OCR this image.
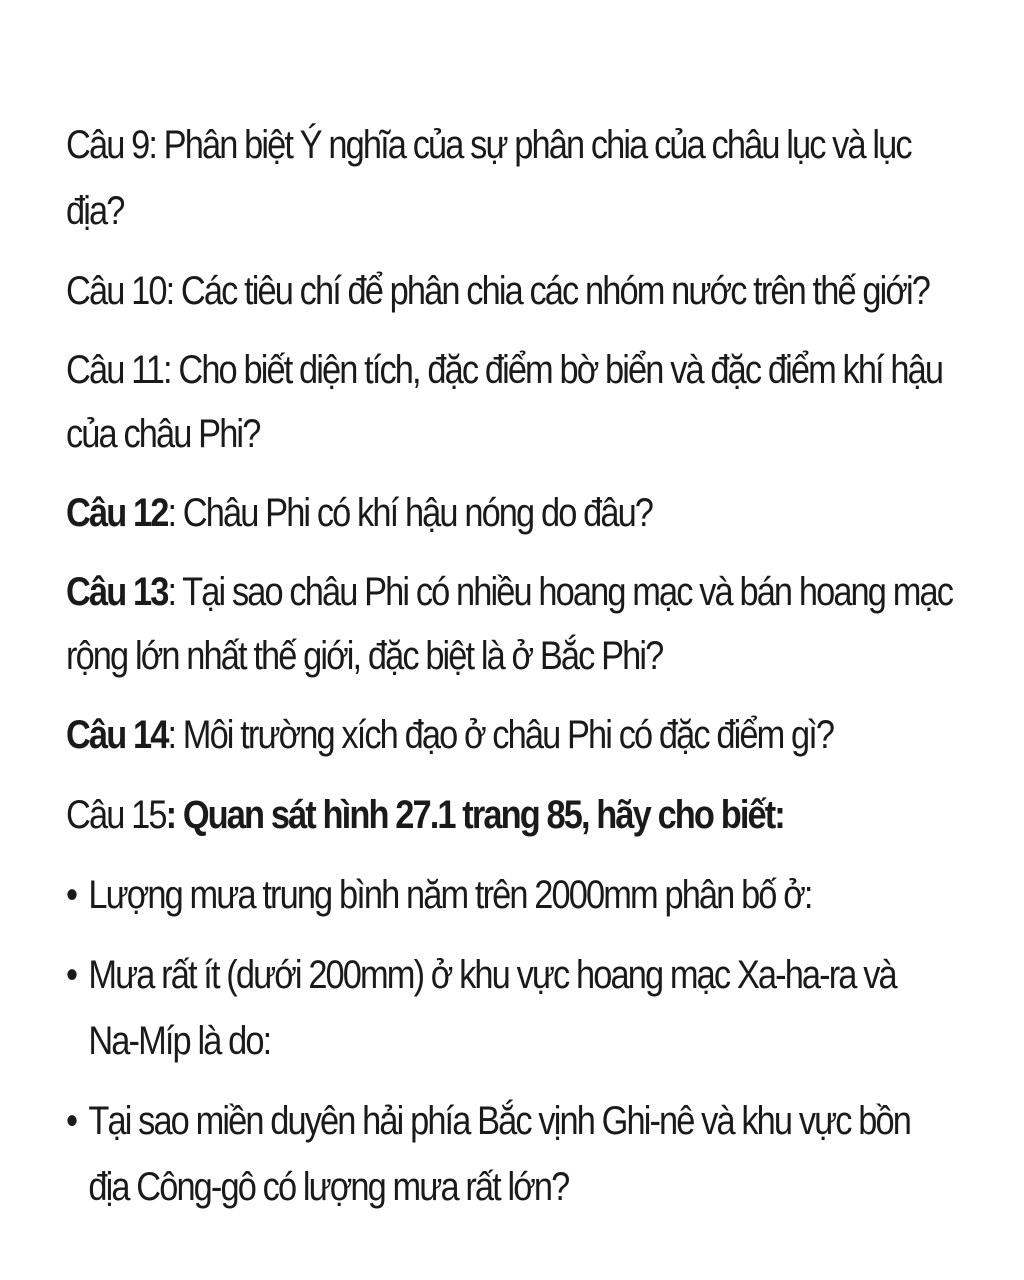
Câu 9: Phân biệt Ý nghĩa của sự phân chia của châu lục và lục địa?

Câu 10: Các tiêu chí để phân chia các nhóm nước trên thế giới?

Câu 11: Cho biết diện tích, đặc điểm bờ biển và đặc điểm khí hậu của châu Phi?

Câu 12: Châu Phi có khí hậu nóng do đâu?

Câu 13: Tại sao châu Phi có nhiều hoang mạc và bán hoang mạc rộng lớn nhất thế giới, đặc biệt là ở Bắc Phi?

Câu 14: Môi trường xích đạo ở châu Phi có đặc điểm gì?

Câu 15: Quan sát hình 27.1 trang 85, hãy cho biết:

• Lượng mưa trung bình năm trên 2000mm phân bố ở:
• Mưa rất ít (dưới 200mm) ở khu vực hoang mạc Xa-ha-ra và Na-Míp là do:
• Tại sao miền duyên hải phía Bắc vịnh Ghi-nê và khu vực bồn địa Công-gô có lượng mưa rất lớn?
